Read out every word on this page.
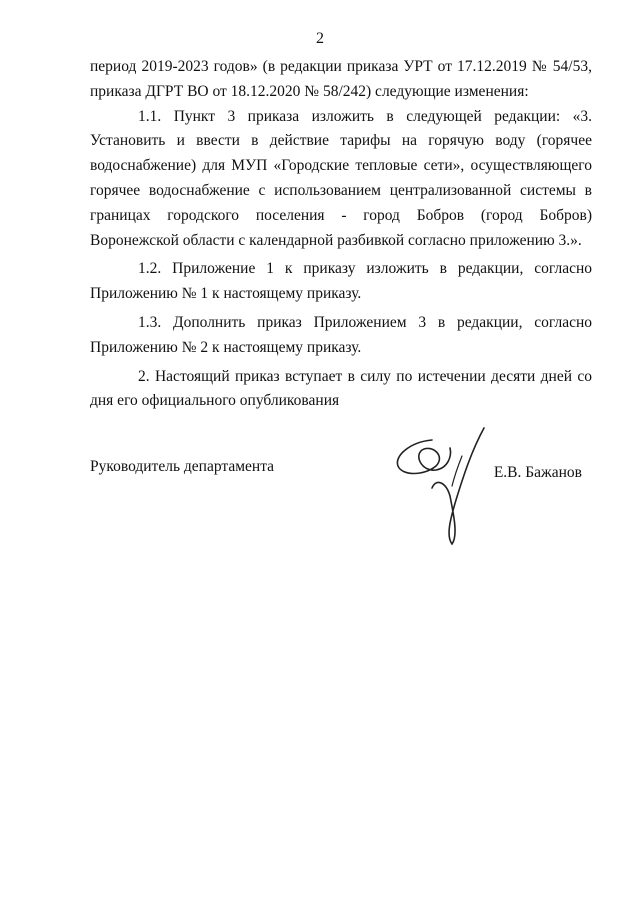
2

период 2019-2023 годов» (в редакции приказа УРТ от 17.12.2019 № 54/53, приказа ДГРТ ВО от 18.12.2020 № 58/242) следующие изменения:

1.1. Пункт 3 приказа изложить в следующей редакции: «3. Установить и ввести в действие тарифы на горячую воду (горячее водоснабжение) для МУП «Городские тепловые сети», осуществляющего горячее водоснабжение с использованием централизованной системы в границах городского поселения - город Бобров (город Бобров) Воронежской области с календарной разбивкой согласно приложению 3.».

1.2. Приложение 1 к приказу изложить в редакции, согласно Приложению № 1 к настоящему приказу.

1.3. Дополнить приказ Приложением 3 в редакции, согласно Приложению № 2 к настоящему приказу.

2. Настоящий приказ вступает в силу по истечении десяти дней со дня его официального опубликования

Руководитель департамента	Е.В. Бажанов
